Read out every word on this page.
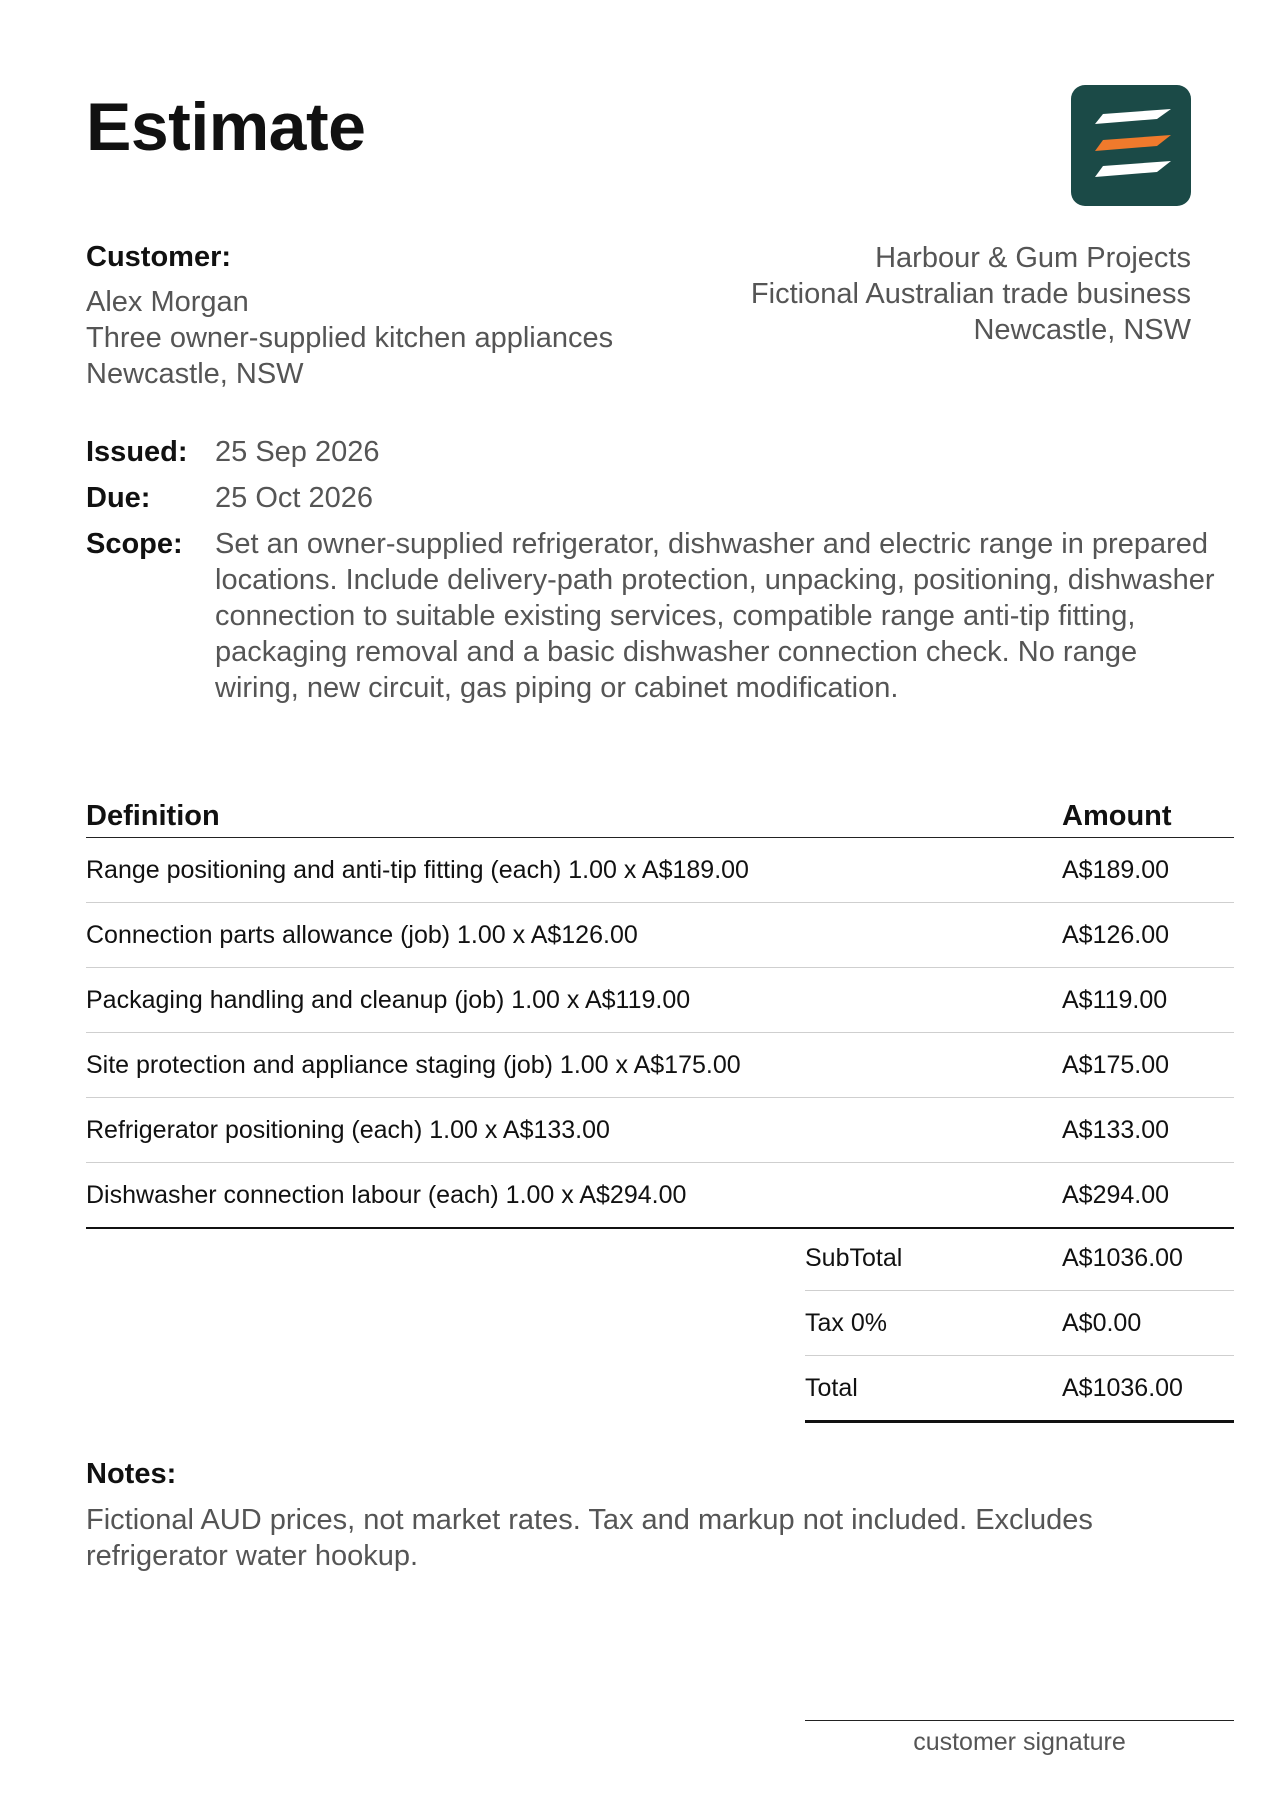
Estimate
Customer:
Alex Morgan
Three owner-supplied kitchen appliances
Newcastle, NSW
Harbour & Gum Projects
Fictional Australian trade business
Newcastle, NSW
Issued: 25 Sep 2026
Due:	25 Oct 2026
Scope:	Set an owner-supplied refrigerator, dishwasher and electric range in prepared locations. Include delivery-path protection, unpacking, positioning, dishwasher connection to suitable existing services, compatible range anti-tip fitting, packaging removal and a basic dishwasher connection check. No range wiring, new circuit, gas piping or cabinet modification.
Definition	Amount
Range positioning and anti-tip fitting (each) 1.00 x A$189.00	A$189.00
Connection parts allowance (job) 1.00 x A$126.00	A$126.00
Packaging handling and cleanup (job) 1.00 x A$119.00	A$119.00
Site protection and appliance staging (job) 1.00 x A$175.00	A$175.00
Refrigerator positioning (each) 1.00 x A$133.00	A$133.00
Dishwasher connection labour (each) 1.00 x A$294.00	A$294.00
SubTotal	A$1036.00
Tax 0%	A$0.00
Total	A$1036.00
Notes:
Fictional AUD prices, not market rates. Tax and markup not included. Excludes refrigerator water hookup.
customer signature
